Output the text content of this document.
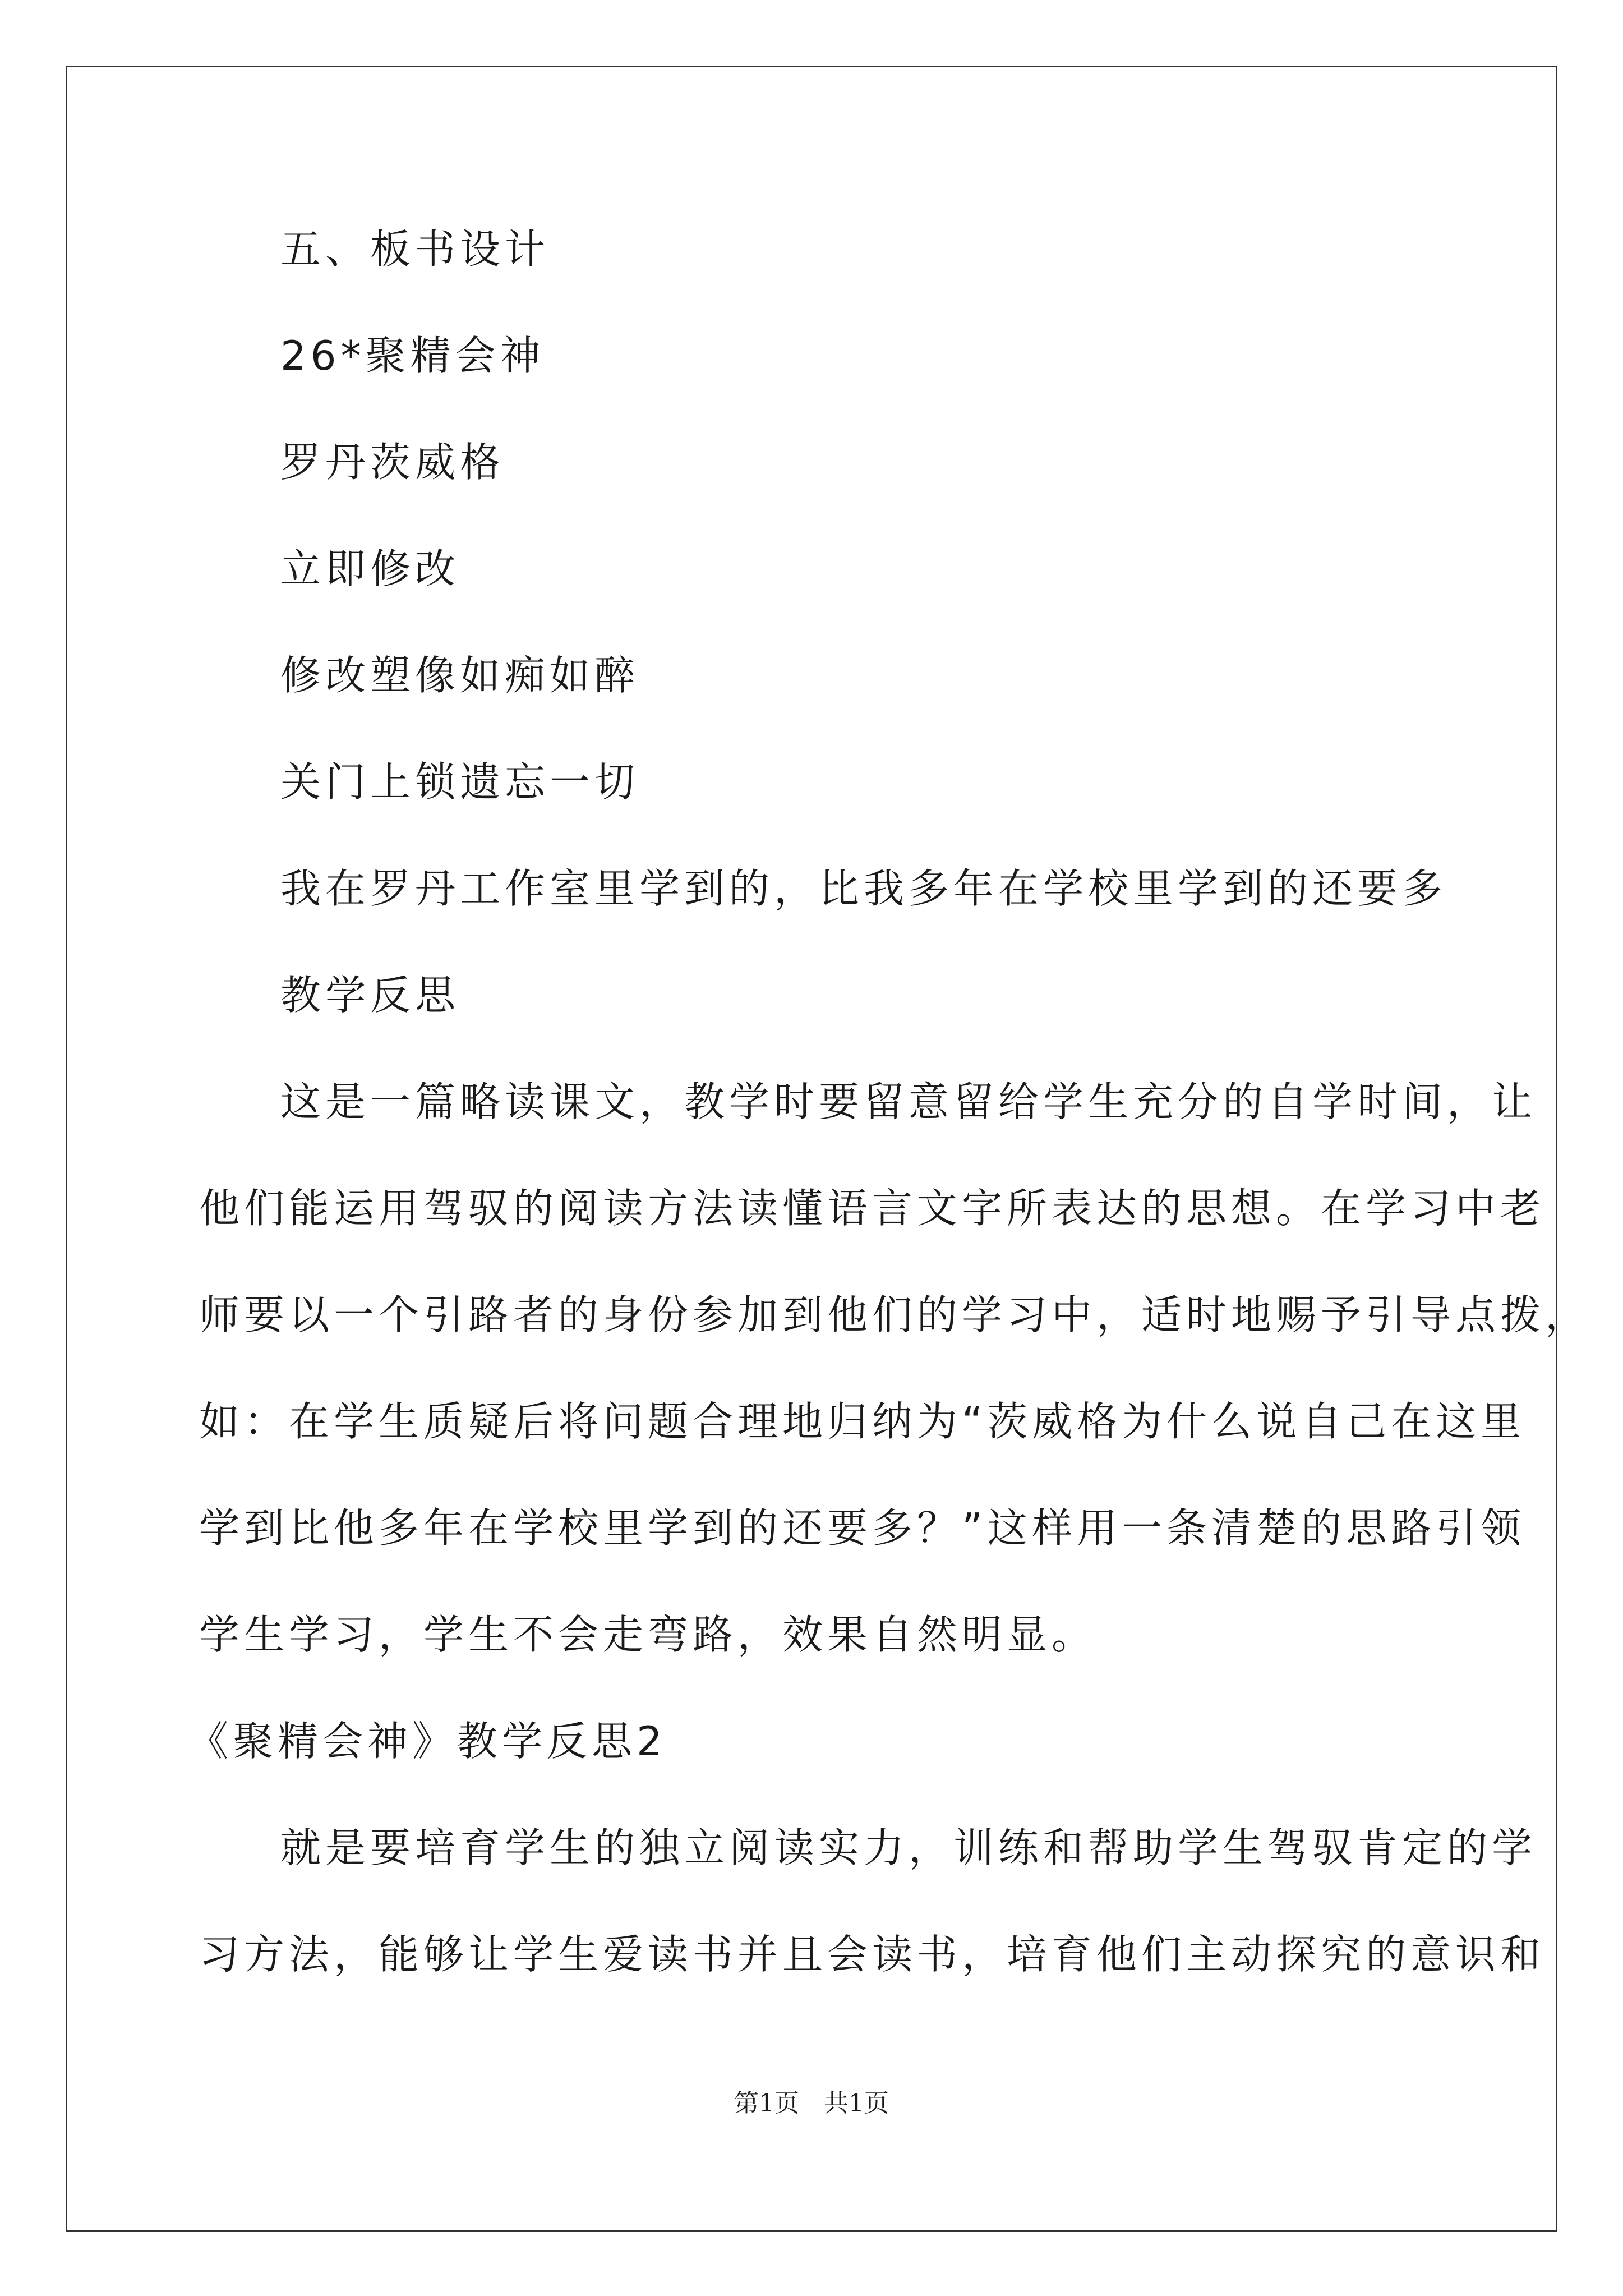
五、板书设计
26*聚精会神
罗丹茨威格
立即修改
修改塑像如痴如醉
关门上锁遗忘一切
我在罗丹工作室里学到的，比我多年在学校里学到的还要多
教学反思
这是一篇略读课文，教学时要留意留给学生充分的自学时间，让
他们能运用驾驭的阅读方法读懂语言文字所表达的思想。在学习中老
师要以一个引路者的身份参加到他们的学习中，适时地赐予引导点拨，
如：在学生质疑后将问题合理地归纳为“茨威格为什么说自己在这里
学到比他多年在学校里学到的还要多？”这样用一条清楚的思路引领
学生学习，学生不会走弯路，效果自然明显。
《聚精会神》教学反思2
就是要培育学生的独立阅读实力，训练和帮助学生驾驭肯定的学
习方法，能够让学生爱读书并且会读书，培育他们主动探究的意识和
第1页　共1页
